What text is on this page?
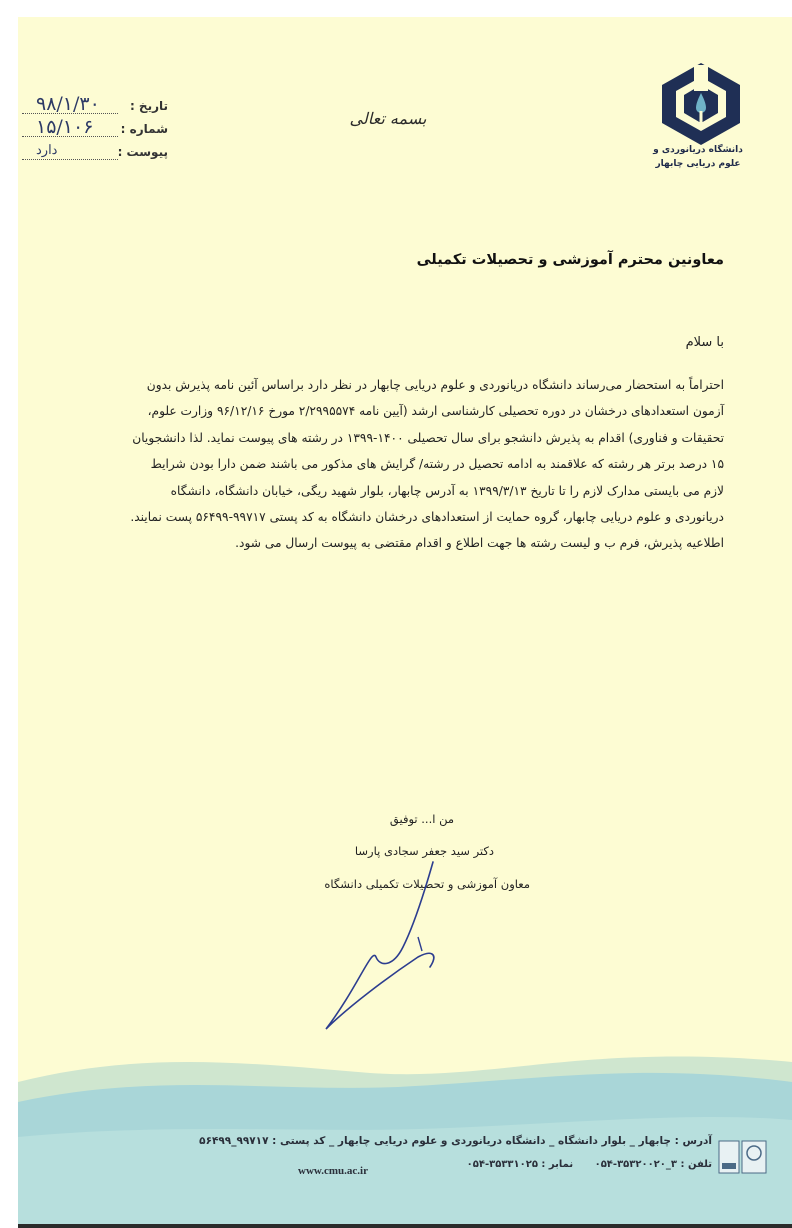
دانشگاه دریانوردی و
علوم دریایی چابهار
بسمه تعالی
تاریخ :
۹۸/۱/۳۰
شماره :
۱۵/۱۰۶
پیوست :
دارد
معاونین محترم آموزشی و تحصیلات تکمیلی
با سلام

احتراماً به استحضار می‌رساند دانشگاه دریانوردی و علوم دریایی چابهار در نظر دارد براساس آئین نامه پذیرش بدون

آزمون استعدادهای درخشان در دوره تحصیلی کارشناسی ارشد (آیین نامه ۲/۲۹۹۵۵۷۴ مورخ ۹۶/۱۲/۱۶ وزارت علوم،

تحقیقات و فناوری) اقدام به پذیرش دانشجو برای سال تحصیلی ۱۴۰۰-۱۳۹۹ در رشته های پیوست نماید. لذا دانشجویان

۱۵ درصد برتر هر رشته که علاقمند به ادامه تحصیل در رشته/ گرایش های مذکور می باشند ضمن دارا بودن شرایط

لازم می بایستی مدارک لازم را تا تاریخ ۱۳۹۹/۳/۱۳ به آدرس چابهار، بلوار شهید ریگی، خیابان دانشگاه، دانشگاه

دریانوردی و علوم دریایی چابهار، گروه حمایت از استعدادهای درخشان دانشگاه به کد پستی ۹۹۷۱۷-۵۶۴۹۹ پست نمایند.

اطلاعیه پذیرش، فرم ب و لیست رشته ها جهت اطلاع و اقدام مقتضی به پیوست ارسال می شود.

من ا... توفیق
دکتر سید جعفر سجادی پارسا
معاون آموزشی و تحصیلات تکمیلی دانشگاه
آدرس : چابهار _ بلوار دانشگاه _ دانشگاه دریانوردی و علوم دریایی چابهار _ کد پستی : ۹۹۷۱۷_۵۶۴۹۹
تلفن : ۳_۳۵۳۲۰۰۲۰-۰۵۴ نمابر : ۳۵۳۳۱۰۲۵-۰۵۴
www.cmu.ac.ir
